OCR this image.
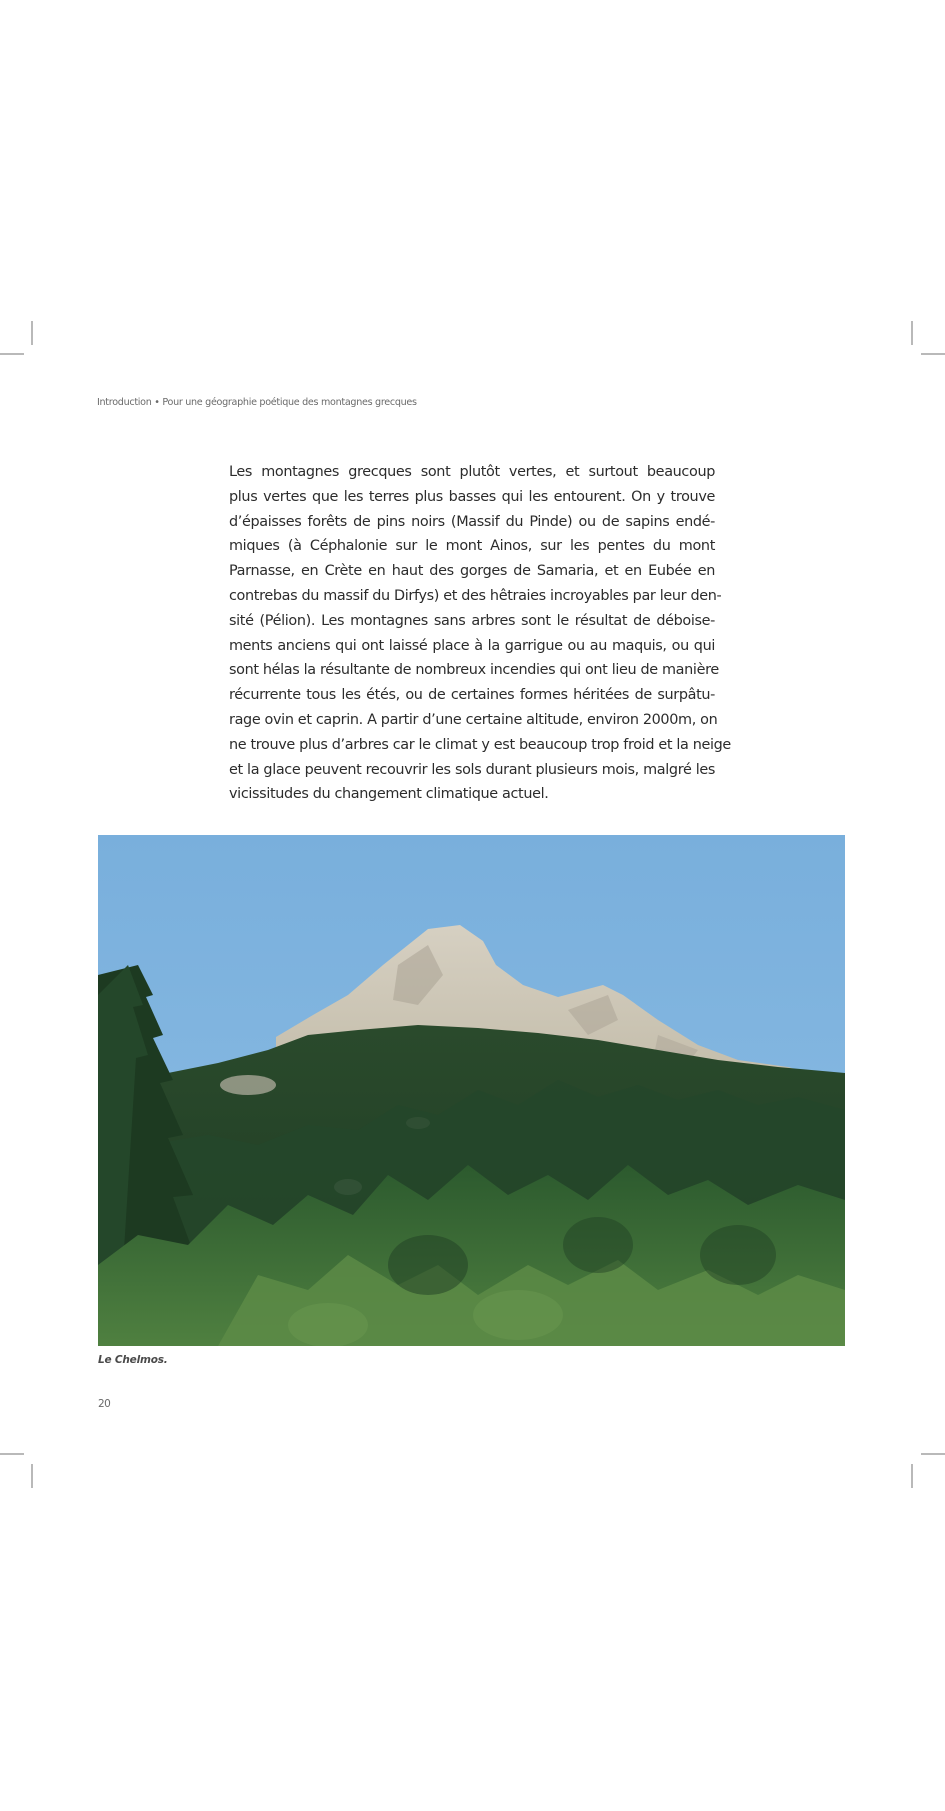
Introduction • Pour une géographie poétique des montagnes grecques
Les montagnes grecques sont plutôt vertes, et surtout beaucoup
plus vertes que les terres plus basses qui les entourent. On y trouve
d’épaisses forêts de pins noirs (Massif du Pinde) ou de sapins endé-
miques (à Céphalonie sur le mont Ainos, sur les pentes du mont
Parnasse, en Crète en haut des gorges de Samaria, et en Eubée en
contrebas du massif du Dirfys) et des hêtraies incroyables par leur den-
sité (Pélion). Les montagnes sans arbres sont le résultat de déboise-
ments anciens qui ont laissé place à la garrigue ou au maquis, ou qui
sont hélas la résultante de nombreux incendies qui ont lieu de manière
récurrente tous les étés, ou de certaines formes héritées de surpâtu-
rage ovin et caprin. A partir d’une certaine altitude, environ 2000m, on
ne trouve plus d’arbres car le climat y est beaucoup trop froid et la neige
et la glace peuvent recouvrir les sols durant plusieurs mois, malgré les
vicissitudes du changement climatique actuel.
Le Chelmos.
20
